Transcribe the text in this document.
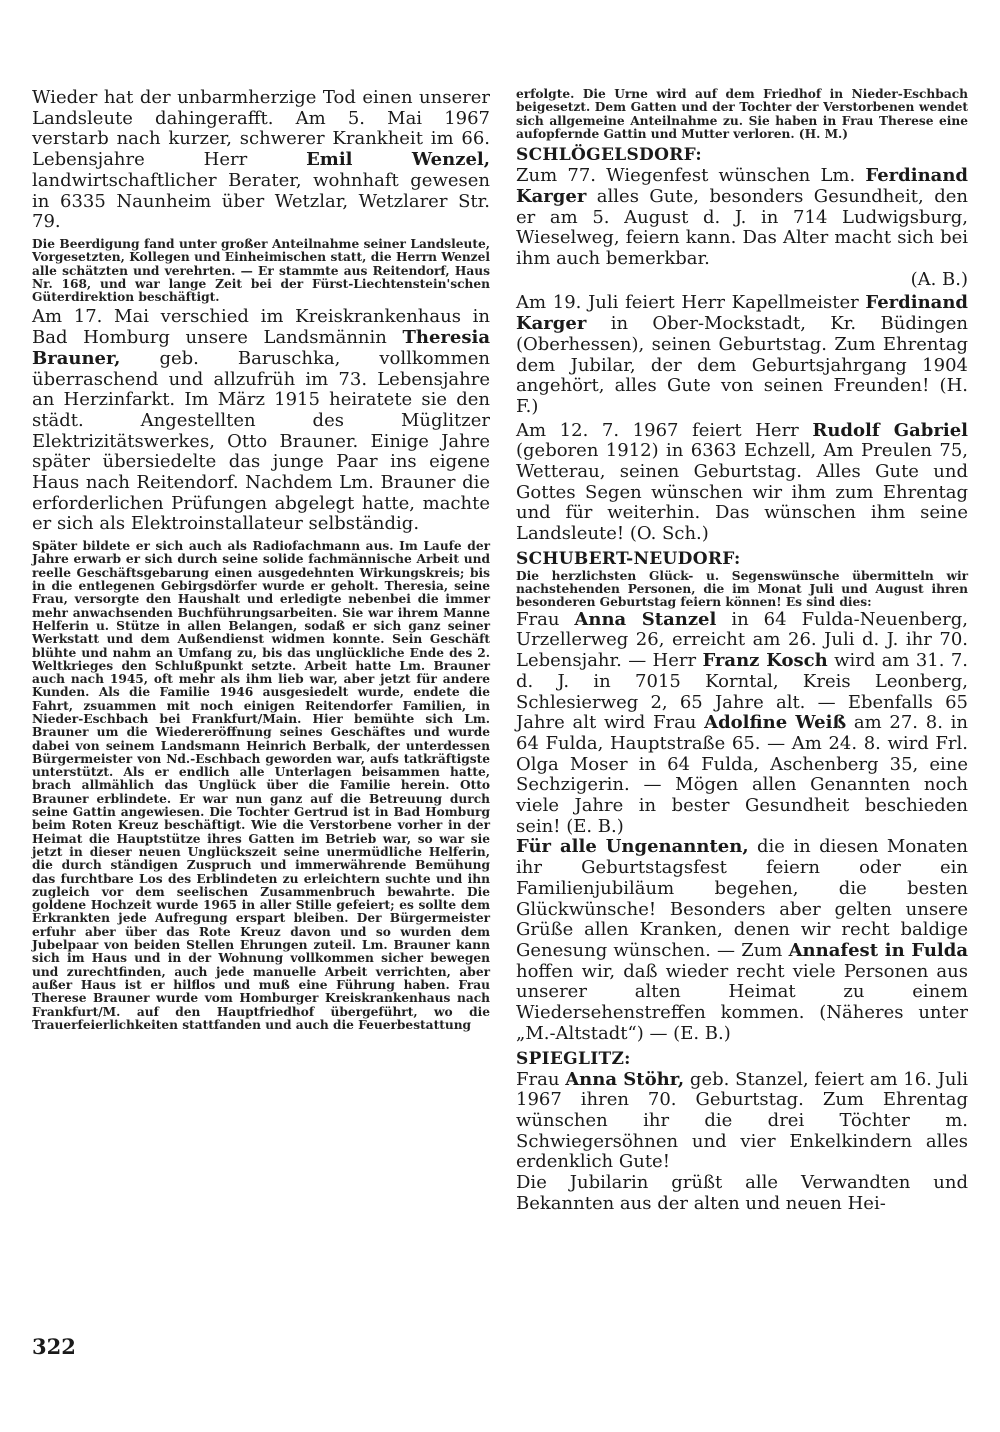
Wieder hat der unbarmherzige Tod einen unserer Landsleute dahingerafft. Am 5. Mai 1967 verstarb nach kurzer, schwerer Krankheit im 66. Lebensjahre Herr Emil Wenzel, landwirtschaftlicher Berater, wohnhaft gewesen in 6335 Naunheim über Wetzlar, Wetzlarer Str. 79.

Die Beerdigung fand unter großer Anteilnahme seiner Landsleute, Vorgesetzten, Kollegen und Einheimischen statt, die Herrn Wenzel alle schätzten und verehrten. — Er stammte aus Reitendorf, Haus Nr. 168, und war lange Zeit bei der Fürst-Liechtenstein'schen Güterdirektion beschäftigt.

Am 17. Mai verschied im Kreiskrankenhaus in Bad Homburg unsere Landsmännin Theresia Brauner, geb. Baruschka, vollkommen überraschend und allzufrüh im 73. Lebensjahre an Herzinfarkt. Im März 1915 heiratete sie den städt. Angestellten des Müglitzer Elektrizitätswerkes, Otto Brauner. Einige Jahre später übersiedelte das junge Paar ins eigene Haus nach Reitendorf. Nachdem Lm. Brauner die erforderlichen Prüfungen abgelegt hatte, machte er sich als Elektroinstallateur selbständig.

Später bildete er sich auch als Radiofachmann aus. Im Laufe der Jahre erwarb er sich durch seine solide fachmännische Arbeit und reelle Geschäftsgebarung einen ausgedehnten Wirkungskreis; bis in die entlegenen Gebirgsdörfer wurde er geholt. Theresia, seine Frau, versorgte den Haushalt und erledigte nebenbei die immer mehr anwachsenden Buchführungsarbeiten. Sie war ihrem Manne Helferin u. Stütze in allen Belangen, sodaß er sich ganz seiner Werkstatt und dem Außendienst widmen konnte. Sein Geschäft blühte und nahm an Umfang zu, bis das unglückliche Ende des 2. Weltkrieges den Schlußpunkt setzte. Arbeit hatte Lm. Brauner auch nach 1945, oft mehr als ihm lieb war, aber jetzt für andere Kunden. Als die Familie 1946 ausgesiedelt wurde, endete die Fahrt, zsuammen mit noch einigen Reitendorfer Familien, in Nieder-Eschbach bei Frankfurt/Main. Hier bemühte sich Lm. Brauner um die Wiedereröffnung seines Geschäftes und wurde dabei von seinem Landsmann Heinrich Berbalk, der unterdessen Bürgermeister von Nd.-Eschbach geworden war, aufs tatkräftigste unterstützt. Als er endlich alle Unterlagen beisammen hatte, brach allmählich das Unglück über die Familie herein. Otto Brauner erblindete. Er war nun ganz auf die Betreuung durch seine Gattin angewiesen. Die Tochter Gertrud ist in Bad Homburg beim Roten Kreuz beschäftigt. Wie die Verstorbene vorher in der Heimat die Hauptstütze ihres Gatten im Betrieb war, so war sie jetzt in dieser neuen Unglückszeit seine unermüdliche Helferin, die durch ständigen Zuspruch und immerwährende Bemühung das furchtbare Los des Erblindeten zu erleichtern suchte und ihn zugleich vor dem seelischen Zusammenbruch bewahrte. Die goldene Hochzeit wurde 1965 in aller Stille gefeiert; es sollte dem Erkrankten jede Aufregung erspart bleiben. Der Bürgermeister erfuhr aber über das Rote Kreuz davon und so wurden dem Jubelpaar von beiden Stellen Ehrungen zuteil. Lm. Brauner kann sich im Haus und in der Wohnung vollkommen sicher bewegen und zurechtfinden, auch jede manuelle Arbeit verrichten, aber außer Haus ist er hilflos und muß eine Führung haben. Frau Therese Brauner wurde vom Homburger Kreiskrankenhaus nach Frankfurt/M. auf den Hauptfriedhof übergeführt, wo die Trauerfeierlichkeiten stattfanden und auch die Feuerbestattung

erfolgte. Die Urne wird auf dem Friedhof in Nieder-Eschbach beigesetzt. Dem Gatten und der Tochter der Verstorbenen wendet sich allgemeine Anteilnahme zu. Sie haben in Frau Therese eine aufopfernde Gattin und Mutter verloren. (H. M.)

SCHLÖGELSDORF:

Zum 77. Wiegenfest wünschen Lm. Ferdinand Karger alles Gute, besonders Gesundheit, den er am 5. August d. J. in 714 Ludwigsburg, Wieselweg, feiern kann. Das Alter macht sich bei ihm auch bemerkbar.

(A. B.)

Am 19. Juli feiert Herr Kapellmeister Ferdinand Karger in Ober-Mockstadt, Kr. Büdingen (Oberhessen), seinen Geburtstag. Zum Ehrentag dem Jubilar, der dem Geburtsjahrgang 1904 angehört, alles Gute von seinen Freunden! (H. F.)

Am 12. 7. 1967 feiert Herr Rudolf Gabriel (geboren 1912) in 6363 Echzell, Am Preulen 75, Wetterau, seinen Geburtstag. Alles Gute und Gottes Segen wünschen wir ihm zum Ehrentag und für weiterhin. Das wünschen ihm seine Landsleute! (O. Sch.)

SCHUBERT-NEUDORF:

Die herzlichsten Glück- u. Segenswünsche übermitteln wir nachstehenden Personen, die im Monat Juli und August ihren besonderen Geburtstag feiern können! Es sind dies:

Frau Anna Stanzel in 64 Fulda-Neuenberg, Urzellerweg 26, erreicht am 26. Juli d. J. ihr 70. Lebensjahr. — Herr Franz Kosch wird am 31. 7. d. J. in 7015 Korntal, Kreis Leonberg, Schlesierweg 2, 65 Jahre alt. — Ebenfalls 65 Jahre alt wird Frau Adolfine Weiß am 27. 8. in 64 Fulda, Hauptstraße 65. — Am 24. 8. wird Frl. Olga Moser in 64 Fulda, Aschenberg 35, eine Sechzigerin. — Mögen allen Genannten noch viele Jahre in bester Gesundheit beschieden sein! (E. B.)

Für alle Ungenannten, die in diesen Monaten ihr Geburtstagsfest feiern oder ein Familienjubiläum begehen, die besten Glückwünsche! Besonders aber gelten unsere Grüße allen Kranken, denen wir recht baldige Genesung wünschen. — Zum Annafest in Fulda hoffen wir, daß wieder recht viele Personen aus unserer alten Heimat zu einem Wiedersehenstreffen kommen. (Näheres unter „M.-Altstadt“) — (E. B.)

SPIEGLITZ:

Frau Anna Stöhr, geb. Stanzel, feiert am 16. Juli 1967 ihren 70. Geburtstag. Zum Ehrentag wünschen ihr die drei Töchter m. Schwiegersöhnen und vier Enkelkindern alles erdenklich Gute!

Die Jubilarin grüßt alle Verwandten und Bekannten aus der alten und neuen Hei-

322
